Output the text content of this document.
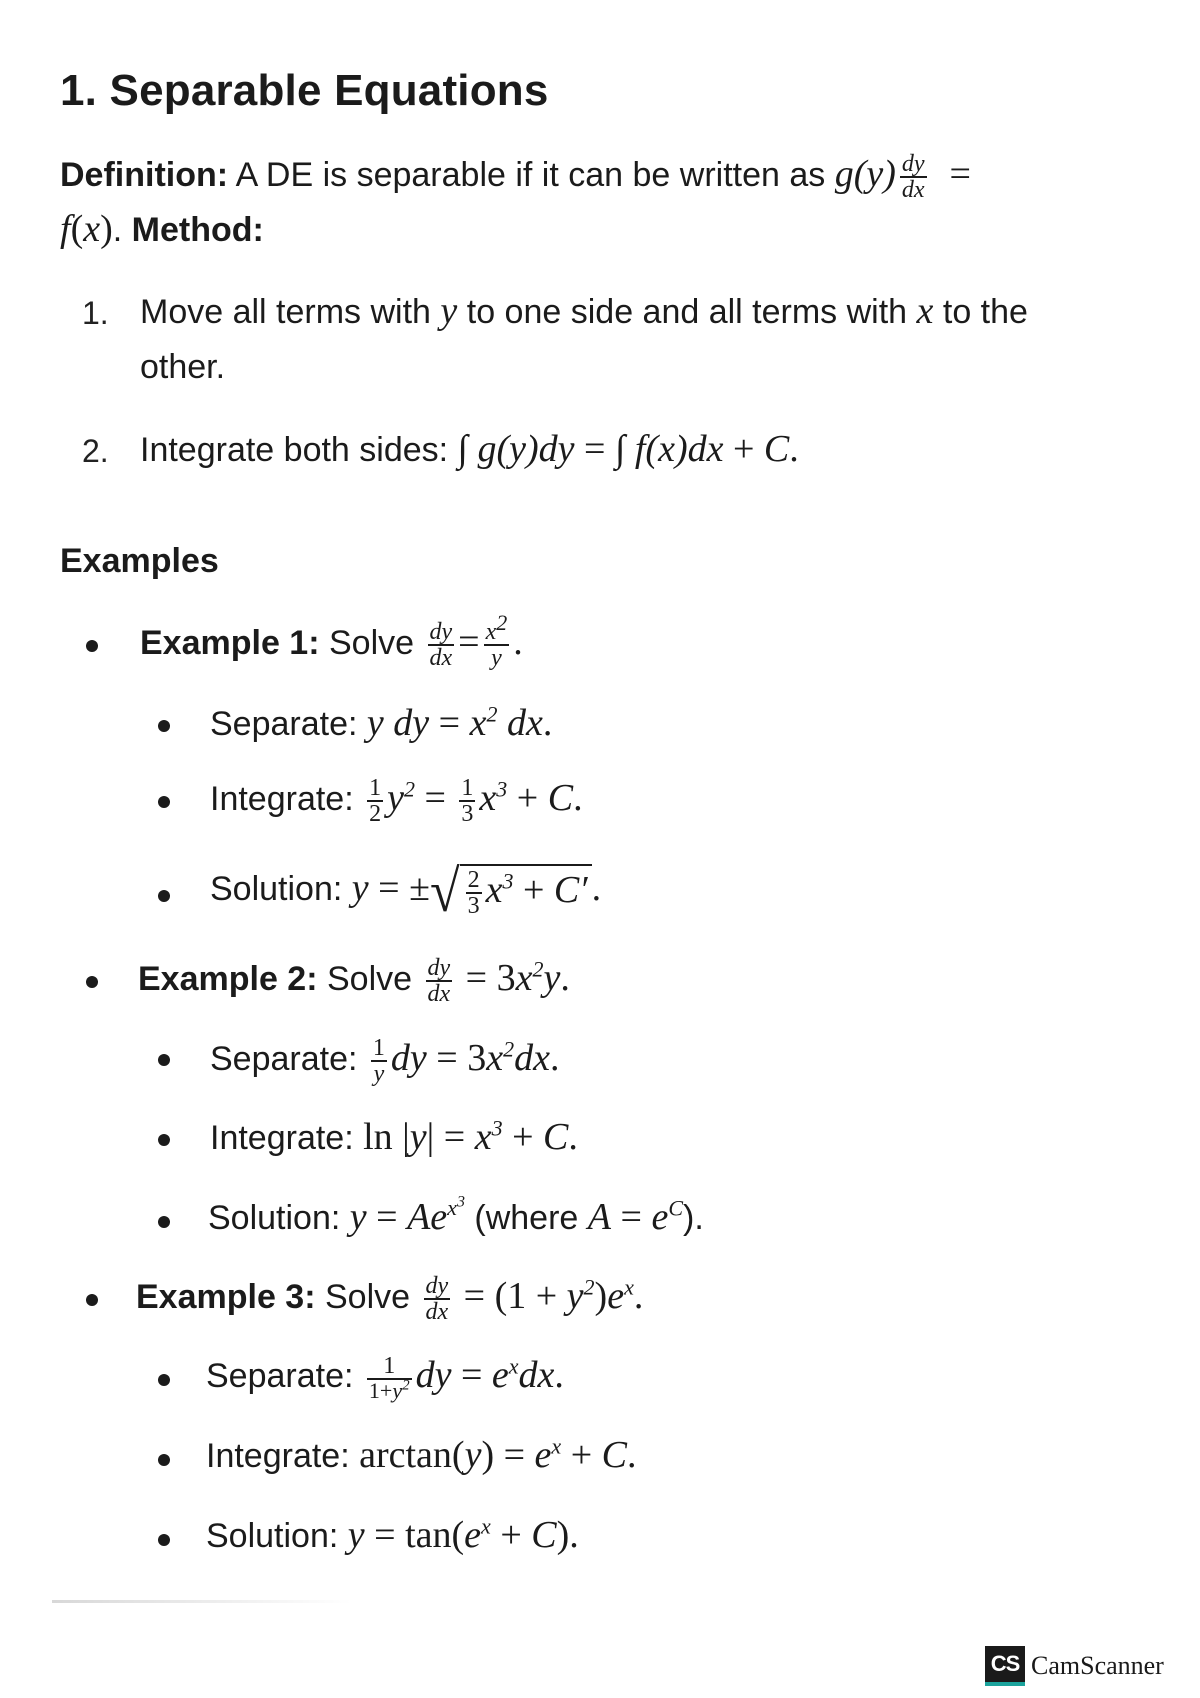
1. Separable Equations
Definition: A DE is separable if it can be written as $g(y) \frac{dy}{dx}$ =
f(x). Method:
1. Move all terms with y to one side and all terms with x to the
other.
2. Integrate both sides: ∫ g(y)dy = ∫ f(x)dx + C.
Examples
Example 1: Solve $\frac{dy}{dx} = \frac{x^2}{y}$ .
Separate: y dy = $x^2$ dx.
Integrate: $\frac{1}{2} y^2 = \frac{1}{3} x^3 + C$.
Solution: y = ±√ $\frac{2}{3} x^3 + C'$ .
Example 2: Solve $\frac{dy}{dx} = 3x^2y$.
Separate: $\frac{1}{y}$ dy = $3x^2dx$.
Integrate: $\ln |y| = x^3 + C$.
Solution: $y = Ae^{x^3}$ (where $A = e^C$).
Example 3: Solve $\frac{dy}{dx} = (1 + y^2)e^x$.
Separate: $\frac{1}{1+y^2}$ dy = $e^xdx$.
Integrate: $\arctan(y) = e^x + C$.
Solution: $y = \tan(e^x + C)$.
CS CamScanner
